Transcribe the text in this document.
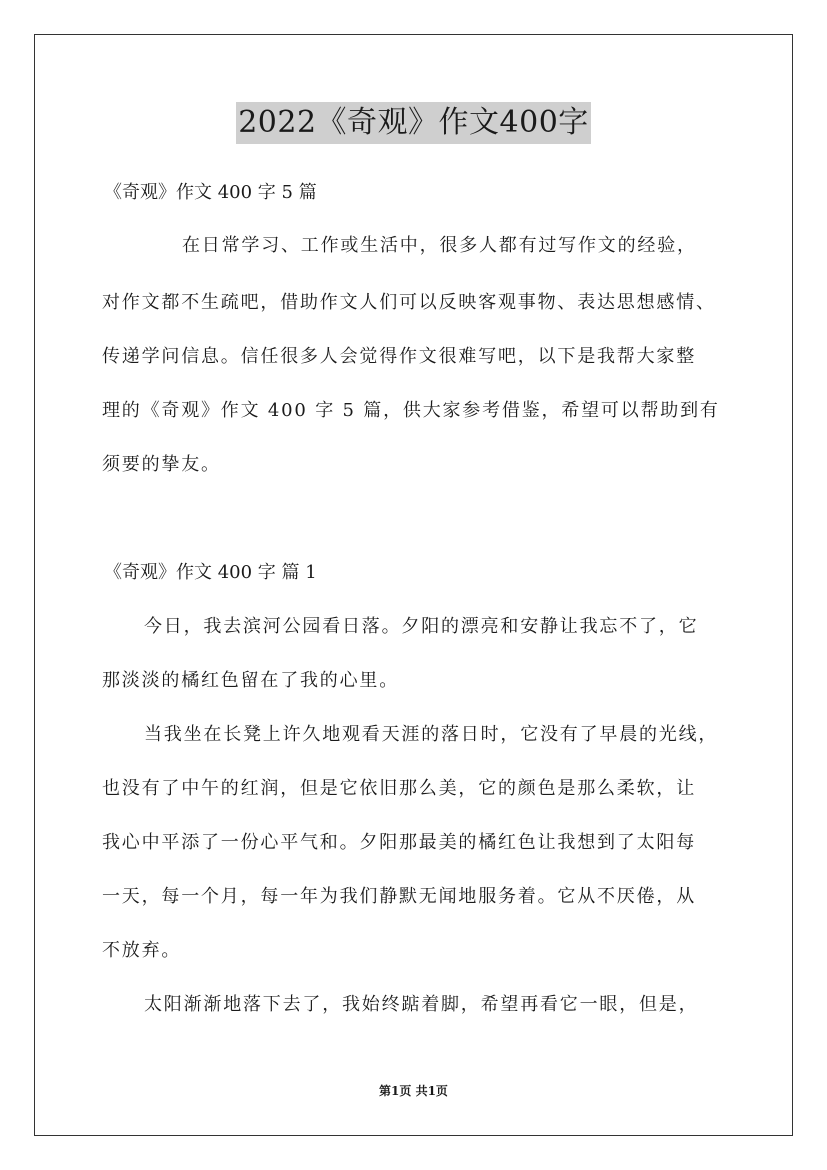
2022《奇观》作文400字

《奇观》作文 400 字 5 篇

在日常学习、工作或生活中，很多人都有过写作文的经验，

对作文都不生疏吧，借助作文人们可以反映客观事物、表达思想感情、

传递学问信息。信任很多人会觉得作文很难写吧，以下是我帮大家整

理的《奇观》作文 400 字 5 篇，供大家参考借鉴，希望可以帮助到有

须要的挚友。

《奇观》作文 400 字 篇 1

今日，我去滨河公园看日落。夕阳的漂亮和安静让我忘不了，它

那淡淡的橘红色留在了我的心里。

当我坐在长凳上许久地观看天涯的落日时，它没有了早晨的光线，

也没有了中午的红润，但是它依旧那么美，它的颜色是那么柔软，让

我心中平添了一份心平气和。夕阳那最美的橘红色让我想到了太阳每

一天，每一个月，每一年为我们静默无闻地服务着。它从不厌倦，从

不放弃。

太阳渐渐地落下去了，我始终踮着脚，希望再看它一眼，但是，

第1页 共1页
